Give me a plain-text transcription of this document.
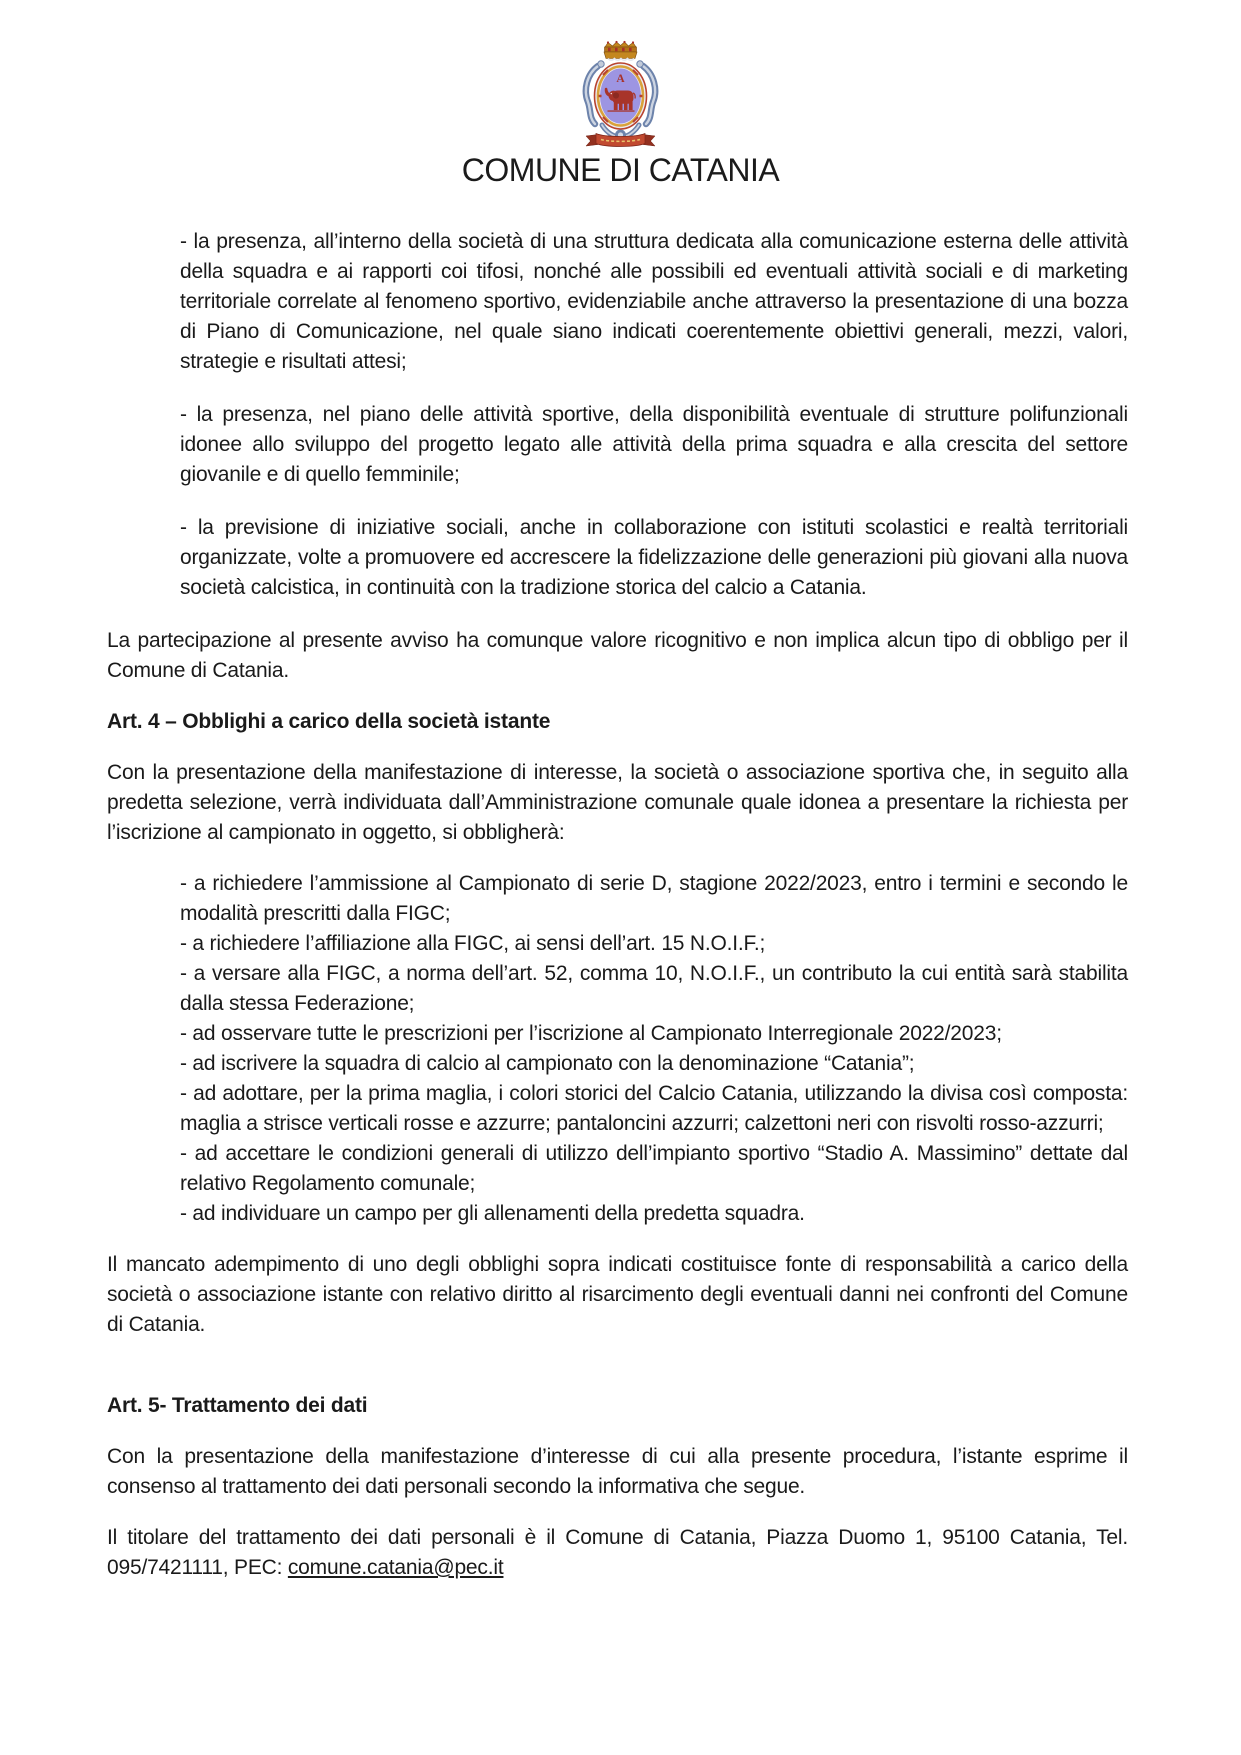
A
COMUNE DI CATANIA

- la presenza, all’interno della società di una struttura dedicata alla comunicazione esterna delle attività della squadra e ai rapporti coi tifosi, nonché alle possibili ed eventuali attività sociali e di marketing territoriale correlate al fenomeno sportivo, evidenziabile anche attraverso la presentazione di una bozza di Piano di Comunicazione, nel quale siano indicati coerentemente obiettivi generali, mezzi, valori, strategie e risultati attesi;

- la presenza, nel piano delle attività sportive, della disponibilità eventuale di strutture polifunzionali idonee allo sviluppo del progetto legato alle attività della prima squadra e alla crescita del settore giovanile e di quello femminile;

- la previsione di iniziative sociali, anche in collaborazione con istituti scolastici e realtà territoriali organizzate, volte a promuovere ed accrescere la fidelizzazione delle generazioni più giovani alla nuova società calcistica, in continuità con la tradizione storica del calcio a Catania.

La partecipazione al presente avviso ha comunque valore ricognitivo e non implica alcun tipo di obbligo per il Comune di Catania.

Art. 4 – Obblighi a carico della società istante

Con la presentazione della manifestazione di interesse, la società o associazione sportiva che, in seguito alla predetta selezione, verrà individuata dall’Amministrazione comunale quale idonea a presentare la richiesta per l’iscrizione al campionato in oggetto, si obbligherà:

- a richiedere l’ammissione al Campionato di serie D, stagione 2022/2023, entro i termini e secondo le modalità prescritti dalla FIGC;

- a richiedere l’affiliazione alla FIGC, ai sensi dell’art. 15 N.O.I.F.;

- a versare alla FIGC, a norma dell’art. 52, comma 10, N.O.I.F., un contributo la cui entità sarà stabilita dalla stessa Federazione;

- ad osservare tutte le prescrizioni per l’iscrizione al Campionato Interregionale 2022/2023;

- ad iscrivere la squadra di calcio al campionato con la denominazione “Catania”;

- ad adottare, per la prima maglia, i colori storici del Calcio Catania, utilizzando la divisa così composta: maglia a strisce verticali rosse e azzurre; pantaloncini azzurri; calzettoni neri con risvolti rosso-azzurri;

- ad accettare le condizioni generali di utilizzo dell’impianto sportivo “Stadio A. Massimino” dettate dal relativo Regolamento comunale;

- ad individuare un campo per gli allenamenti della predetta squadra.

Il mancato adempimento di uno degli obblighi sopra indicati costituisce fonte di responsabilità a carico della società o associazione istante con relativo diritto al risarcimento degli eventuali danni nei confronti del Comune di Catania.

Art. 5- Trattamento dei dati

Con la presentazione della manifestazione d’interesse di cui alla presente procedura, l’istante esprime il consenso al trattamento dei dati personali secondo la informativa che segue.

Il titolare del trattamento dei dati personali è il Comune di Catania, Piazza Duomo 1, 95100 Catania, Tel. 095/7421111, PEC: comune.catania@pec.it
